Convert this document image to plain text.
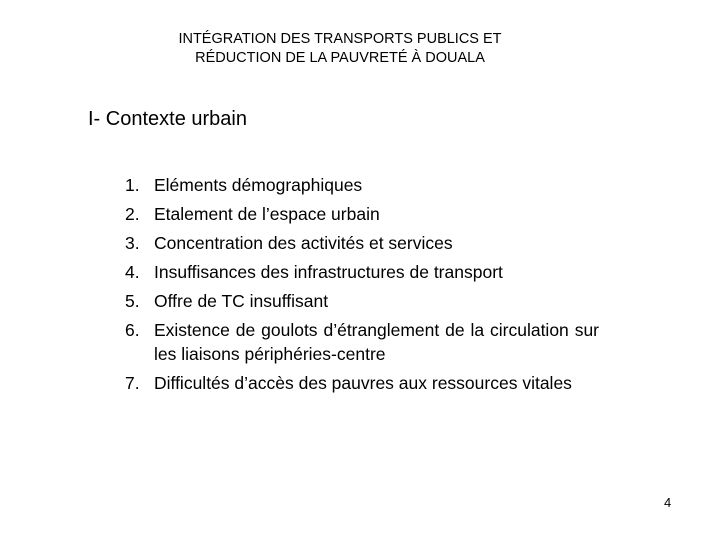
INTÉGRATION DES TRANSPORTS PUBLICS ET
RÉDUCTION DE LA PAUVRETÉ À DOUALA
I- Contexte urbain
1. Eléments démographiques
2. Etalement de l’espace urbain
3. Concentration des activités et services
4. Insuffisances des infrastructures de transport
5. Offre de TC insuffisant
6. Existence de goulots d’étranglement de la circulation sur les liaisons périphéries-centre
7. Difficultés d’accès des pauvres aux ressources vitales
4
